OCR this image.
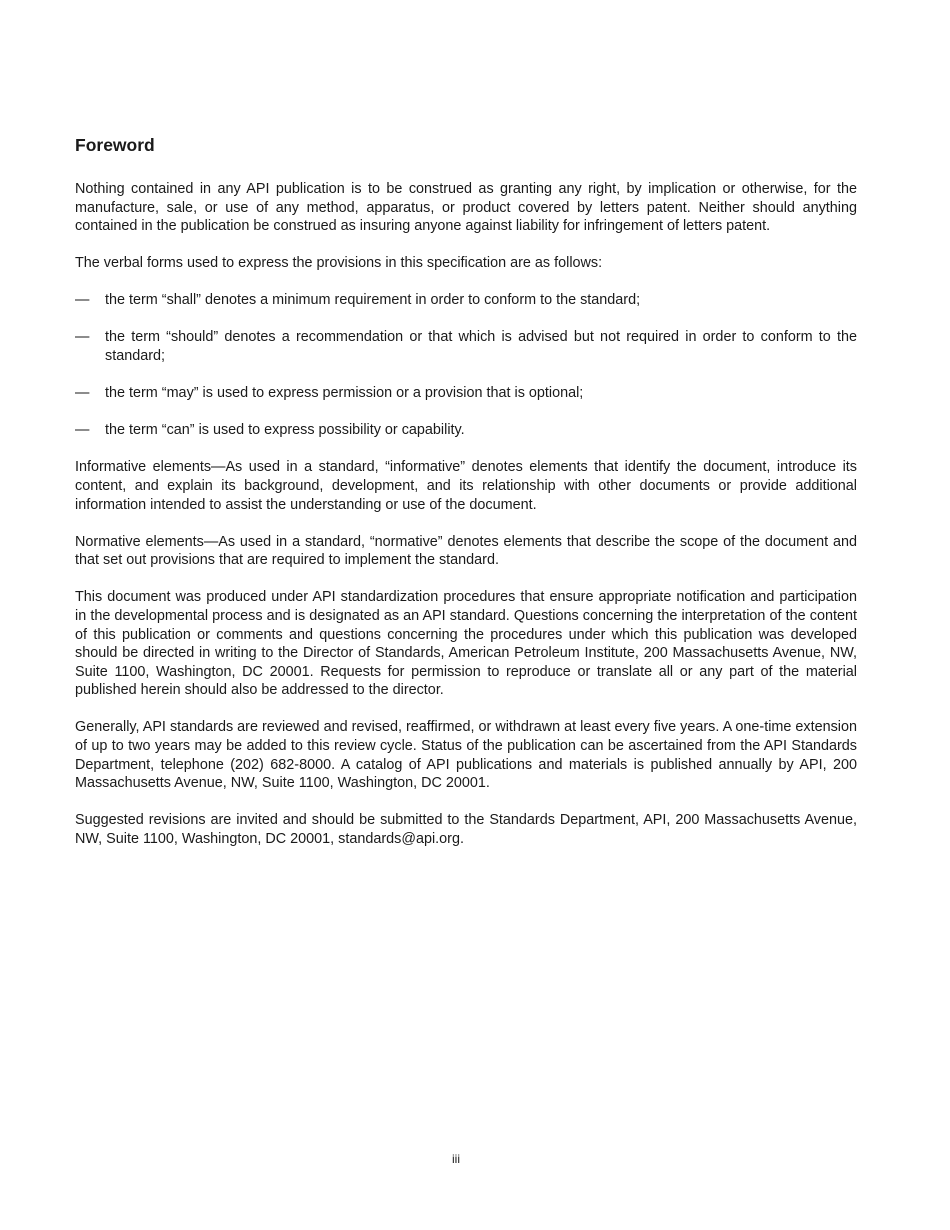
Foreword

Nothing contained in any API publication is to be construed as granting any right, by implication or otherwise, for the manufacture, sale, or use of any method, apparatus, or product covered by letters patent. Neither should anything contained in the publication be construed as insuring anyone against liability for infringement of letters patent.

The verbal forms used to express the provisions in this specification are as follows:

— the term “shall” denotes a minimum requirement in order to conform to the standard;
— the term “should” denotes a recommendation or that which is advised but not required in order to conform to the standard;
— the term “may” is used to express permission or a provision that is optional;
— the term “can” is used to express possibility or capability.

Informative elements—As used in a standard, “informative” denotes elements that identify the document, introduce its content, and explain its background, development, and its relationship with other documents or provide additional information intended to assist the understanding or use of the document.

Normative elements—As used in a standard, “normative” denotes elements that describe the scope of the document and that set out provisions that are required to implement the standard.

This document was produced under API standardization procedures that ensure appropriate notification and participation in the developmental process and is designated as an API standard. Questions concerning the interpretation of the content of this publication or comments and questions concerning the procedures under which this publication was developed should be directed in writing to the Director of Standards, American Petroleum Institute, 200 Massachusetts Avenue, NW, Suite 1100, Washington, DC 20001. Requests for permission to reproduce or translate all or any part of the material published herein should also be addressed to the director.

Generally, API standards are reviewed and revised, reaffirmed, or withdrawn at least every five years. A one-time extension of up to two years may be added to this review cycle. Status of the publication can be ascertained from the API Standards Department, telephone (202) 682-8000. A catalog of API publications and materials is published annually by API, 200 Massachusetts Avenue, NW, Suite 1100, Washington, DC 20001.

Suggested revisions are invited and should be submitted to the Standards Department, API, 200 Massachusetts Avenue, NW, Suite 1100, Washington, DC 20001, standards@api.org.

iii
